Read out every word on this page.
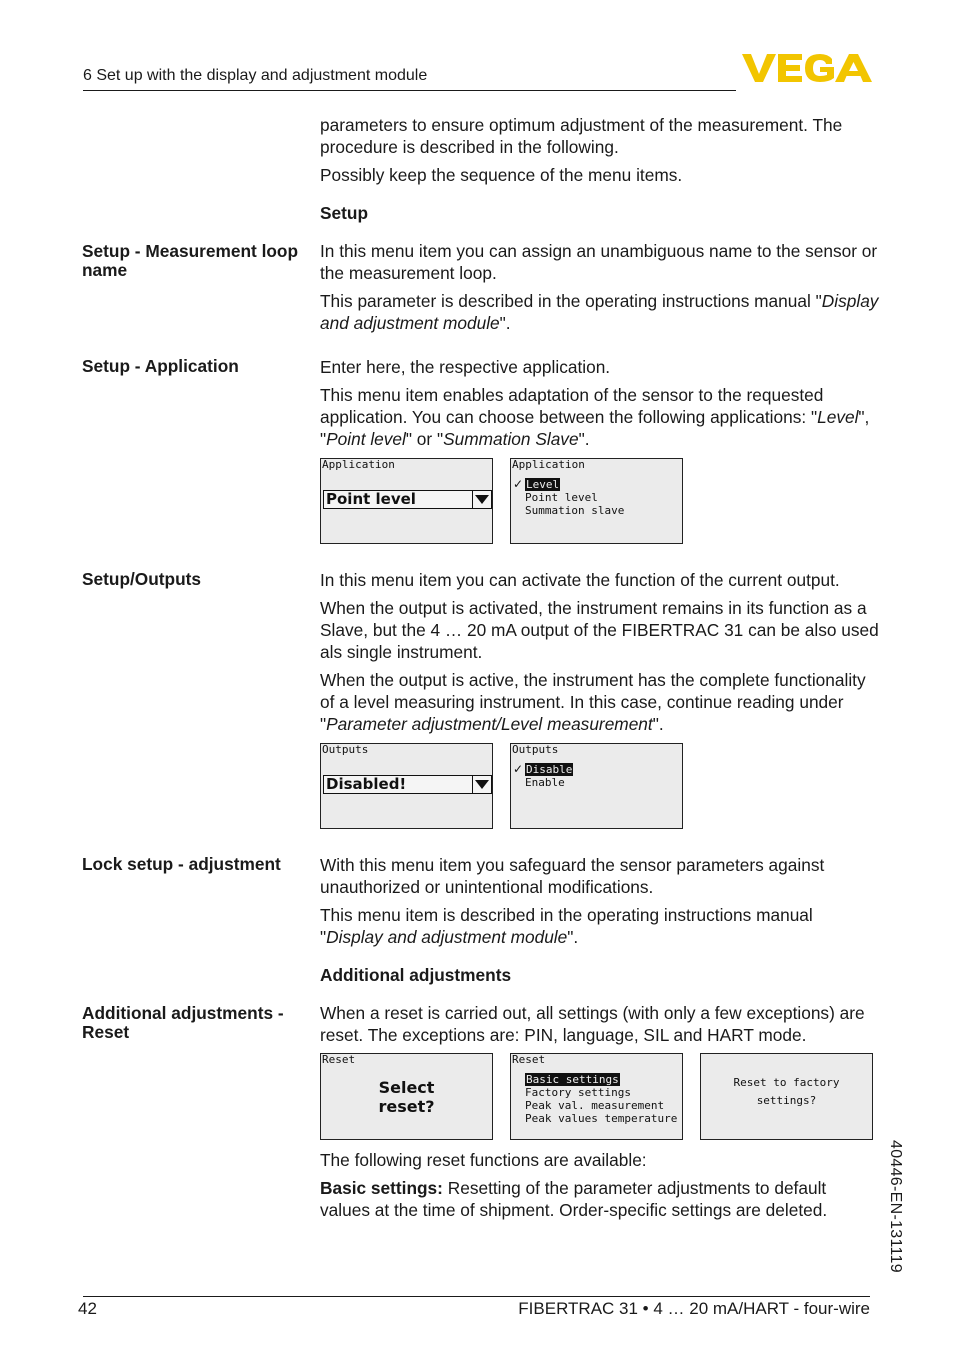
6 Set up with the display and adjustment module

parameters to ensure optimum adjustment of the measurement. The procedure is described in the following.

Possibly keep the sequence of the menu items.

Setup
Setup - Measurement loop name

In this menu item you can assign an unambiguous name to the sensor or the measurement loop.

This parameter is described in the operating instructions manual "Display and adjustment module".

Setup - Application	Enter here, the respective application.

This menu item enables adaptation of the sensor to the requested application. You can choose between the following applications: "Level", "Point level" or "Summation Slave".

Application
Point level
Application
✓ Level
Point level
Summation slave
Setup/Outputs	In this menu item you can activate the function of the current output.

When the output is activated, the instrument remains in its function as a Slave, but the 4 … 20 mA output of the FIBERTRAC 31 can be also used als single instrument.

When the output is active, the instrument has the complete functionality of a level measuring instrument. In this case, continue reading under "Parameter adjustment/Level measurement".

Outputs
Disabled!
Outputs
✓ Disable
Enable
Lock setup - adjustment	With this menu item you safeguard the sensor parameters against unauthorized or unintentional modifications.

This menu item is described in the operating instructions manual "Display and adjustment module".

Additional adjustments
Additional adjustments - Reset

When a reset is carried out, all settings (with only a few exceptions) are reset. The exceptions are: PIN, language, SIL and HART mode.

Reset
Select
reset?
Reset
Basic settings
Factory settings
Peak val. measurement
Peak values temperature
Reset to factory
settings?

The following reset functions are available:

Basic settings: Resetting of the parameter adjustments to default values at the time of shipment. Order-specific settings are deleted.	40446-EN-131119
42	FIBERTRAC 31 • 4 … 20 mA/HART - four-wire
